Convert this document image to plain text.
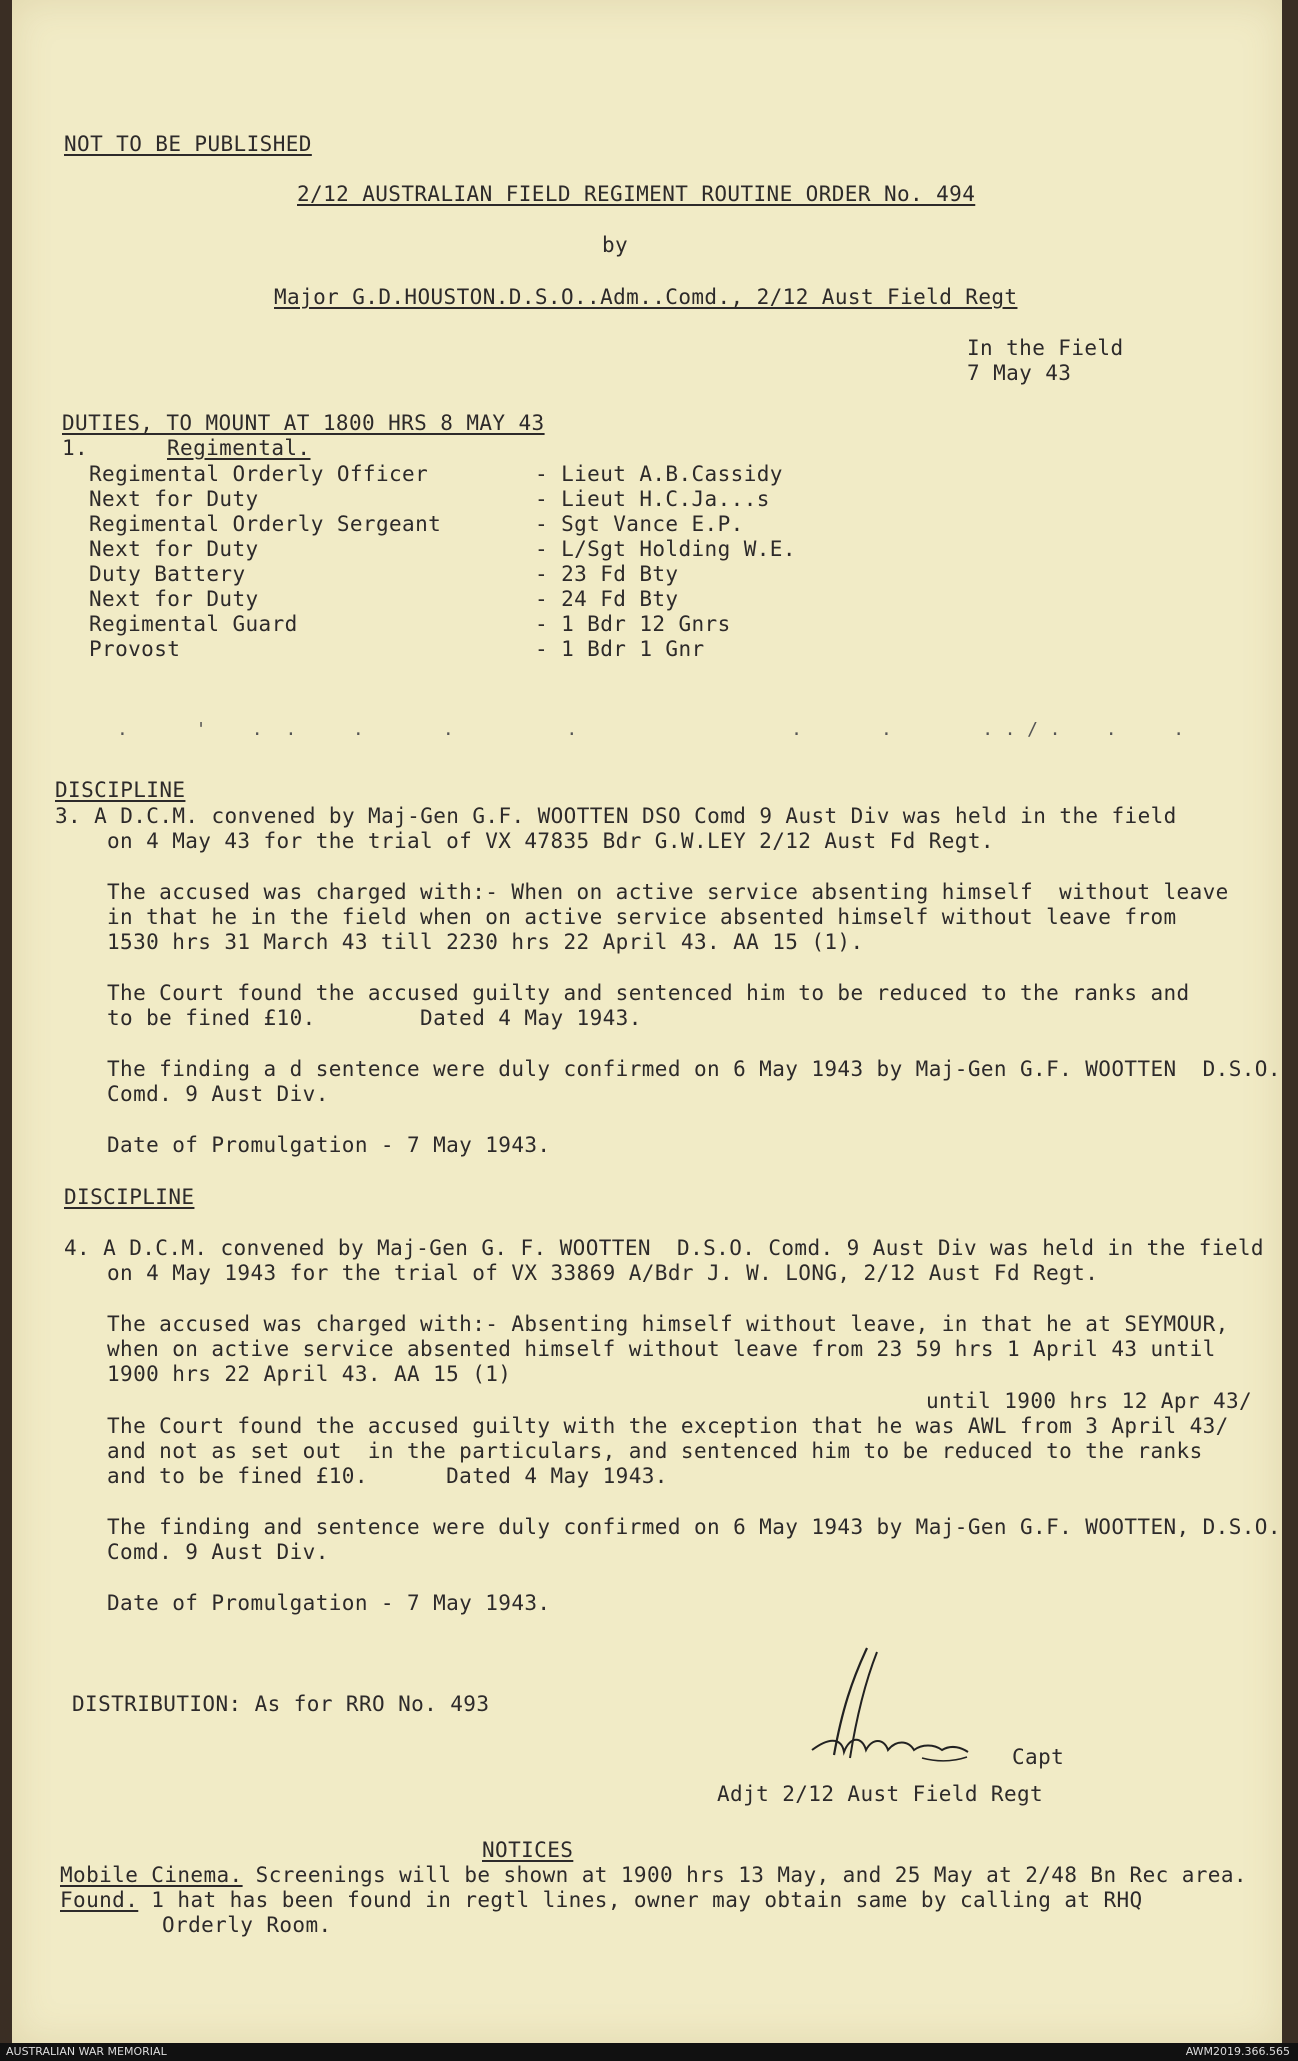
NOT TO BE PUBLISHED
2/12 AUSTRALIAN FIELD REGIMENT ROUTINE ORDER No. 494
by
Major G.D.HOUSTON.D.S.O..Adm..Comd., 2/12 Aust Field Regt
In the Field
7 May 43
DUTIES, TO MOUNT AT 1800 HRS 8 MAY 43
1.	Regimental.
Regimental Orderly Officer	- Lieut A.B.Cassidy
Next for Duty	- Lieut H.C.Ja...s
Regimental Orderly Sergeant	- Sgt Vance E.P.
Next for Duty	- L/Sgt Holding W.E.
Duty Battery	- 23 Fd Bty
Next for Duty	- 24 Fd Bty
Regimental Guard	- 1 Bdr 12 Gnrs
Provost	- 1 Bdr 1 Gnr
.      '    .  .     .       .          .                   .       .        . . / .    .     .
DISCIPLINE
3. A D.C.M. convened by Maj-Gen G.F. WOOTTEN DSO Comd 9 Aust Div was held in the field
on 4 May 43 for the trial of VX 47835 Bdr G.W.LEY 2/12 Aust Fd Regt.
The accused was charged with:- When on active service absenting himself  without leave
in that he in the field when on active service absented himself without leave from
1530 hrs 31 March 43 till 2230 hrs 22 April 43. AA 15 (1).
The Court found the accused guilty and sentenced him to be reduced to the ranks and
to be fined £10.        Dated 4 May 1943.
The finding a d sentence were duly confirmed on 6 May 1943 by Maj-Gen G.F. WOOTTEN  D.S.O.
Comd. 9 Aust Div.
Date of Promulgation - 7 May 1943.
DISCIPLINE
4. A D.C.M. convened by Maj-Gen G. F. WOOTTEN  D.S.O. Comd. 9 Aust Div was held in the field
on 4 May 1943 for the trial of VX 33869 A/Bdr J. W. LONG, 2/12 Aust Fd Regt.
The accused was charged with:- Absenting himself without leave, in that he at SEYMOUR,
when on active service absented himself without leave from 23 59 hrs 1 April 43 until
1900 hrs 22 April 43. AA 15 (1)
until 1900 hrs 12 Apr 43/
The Court found the accused guilty with the exception that he was AWL from 3 April 43/
and not as set out  in the particulars, and sentenced him to be reduced to the ranks
and to be fined £10.      Dated 4 May 1943.
The finding and sentence were duly confirmed on 6 May 1943 by Maj-Gen G.F. WOOTTEN, D.S.O.
Comd. 9 Aust Div.
Date of Promulgation - 7 May 1943.
DISTRIBUTION: As for RRO No. 493
Capt
Adjt 2/12 Aust Field Regt
NOTICES
Mobile Cinema. Screenings will be shown at 1900 hrs 13 May, and 25 May at 2/48 Bn Rec area.
Found. 1 hat has been found in regtl lines, owner may obtain same by calling at RHQ
Orderly Room.
AUSTRALIAN WAR MEMORIAL	AWM2019.366.565
